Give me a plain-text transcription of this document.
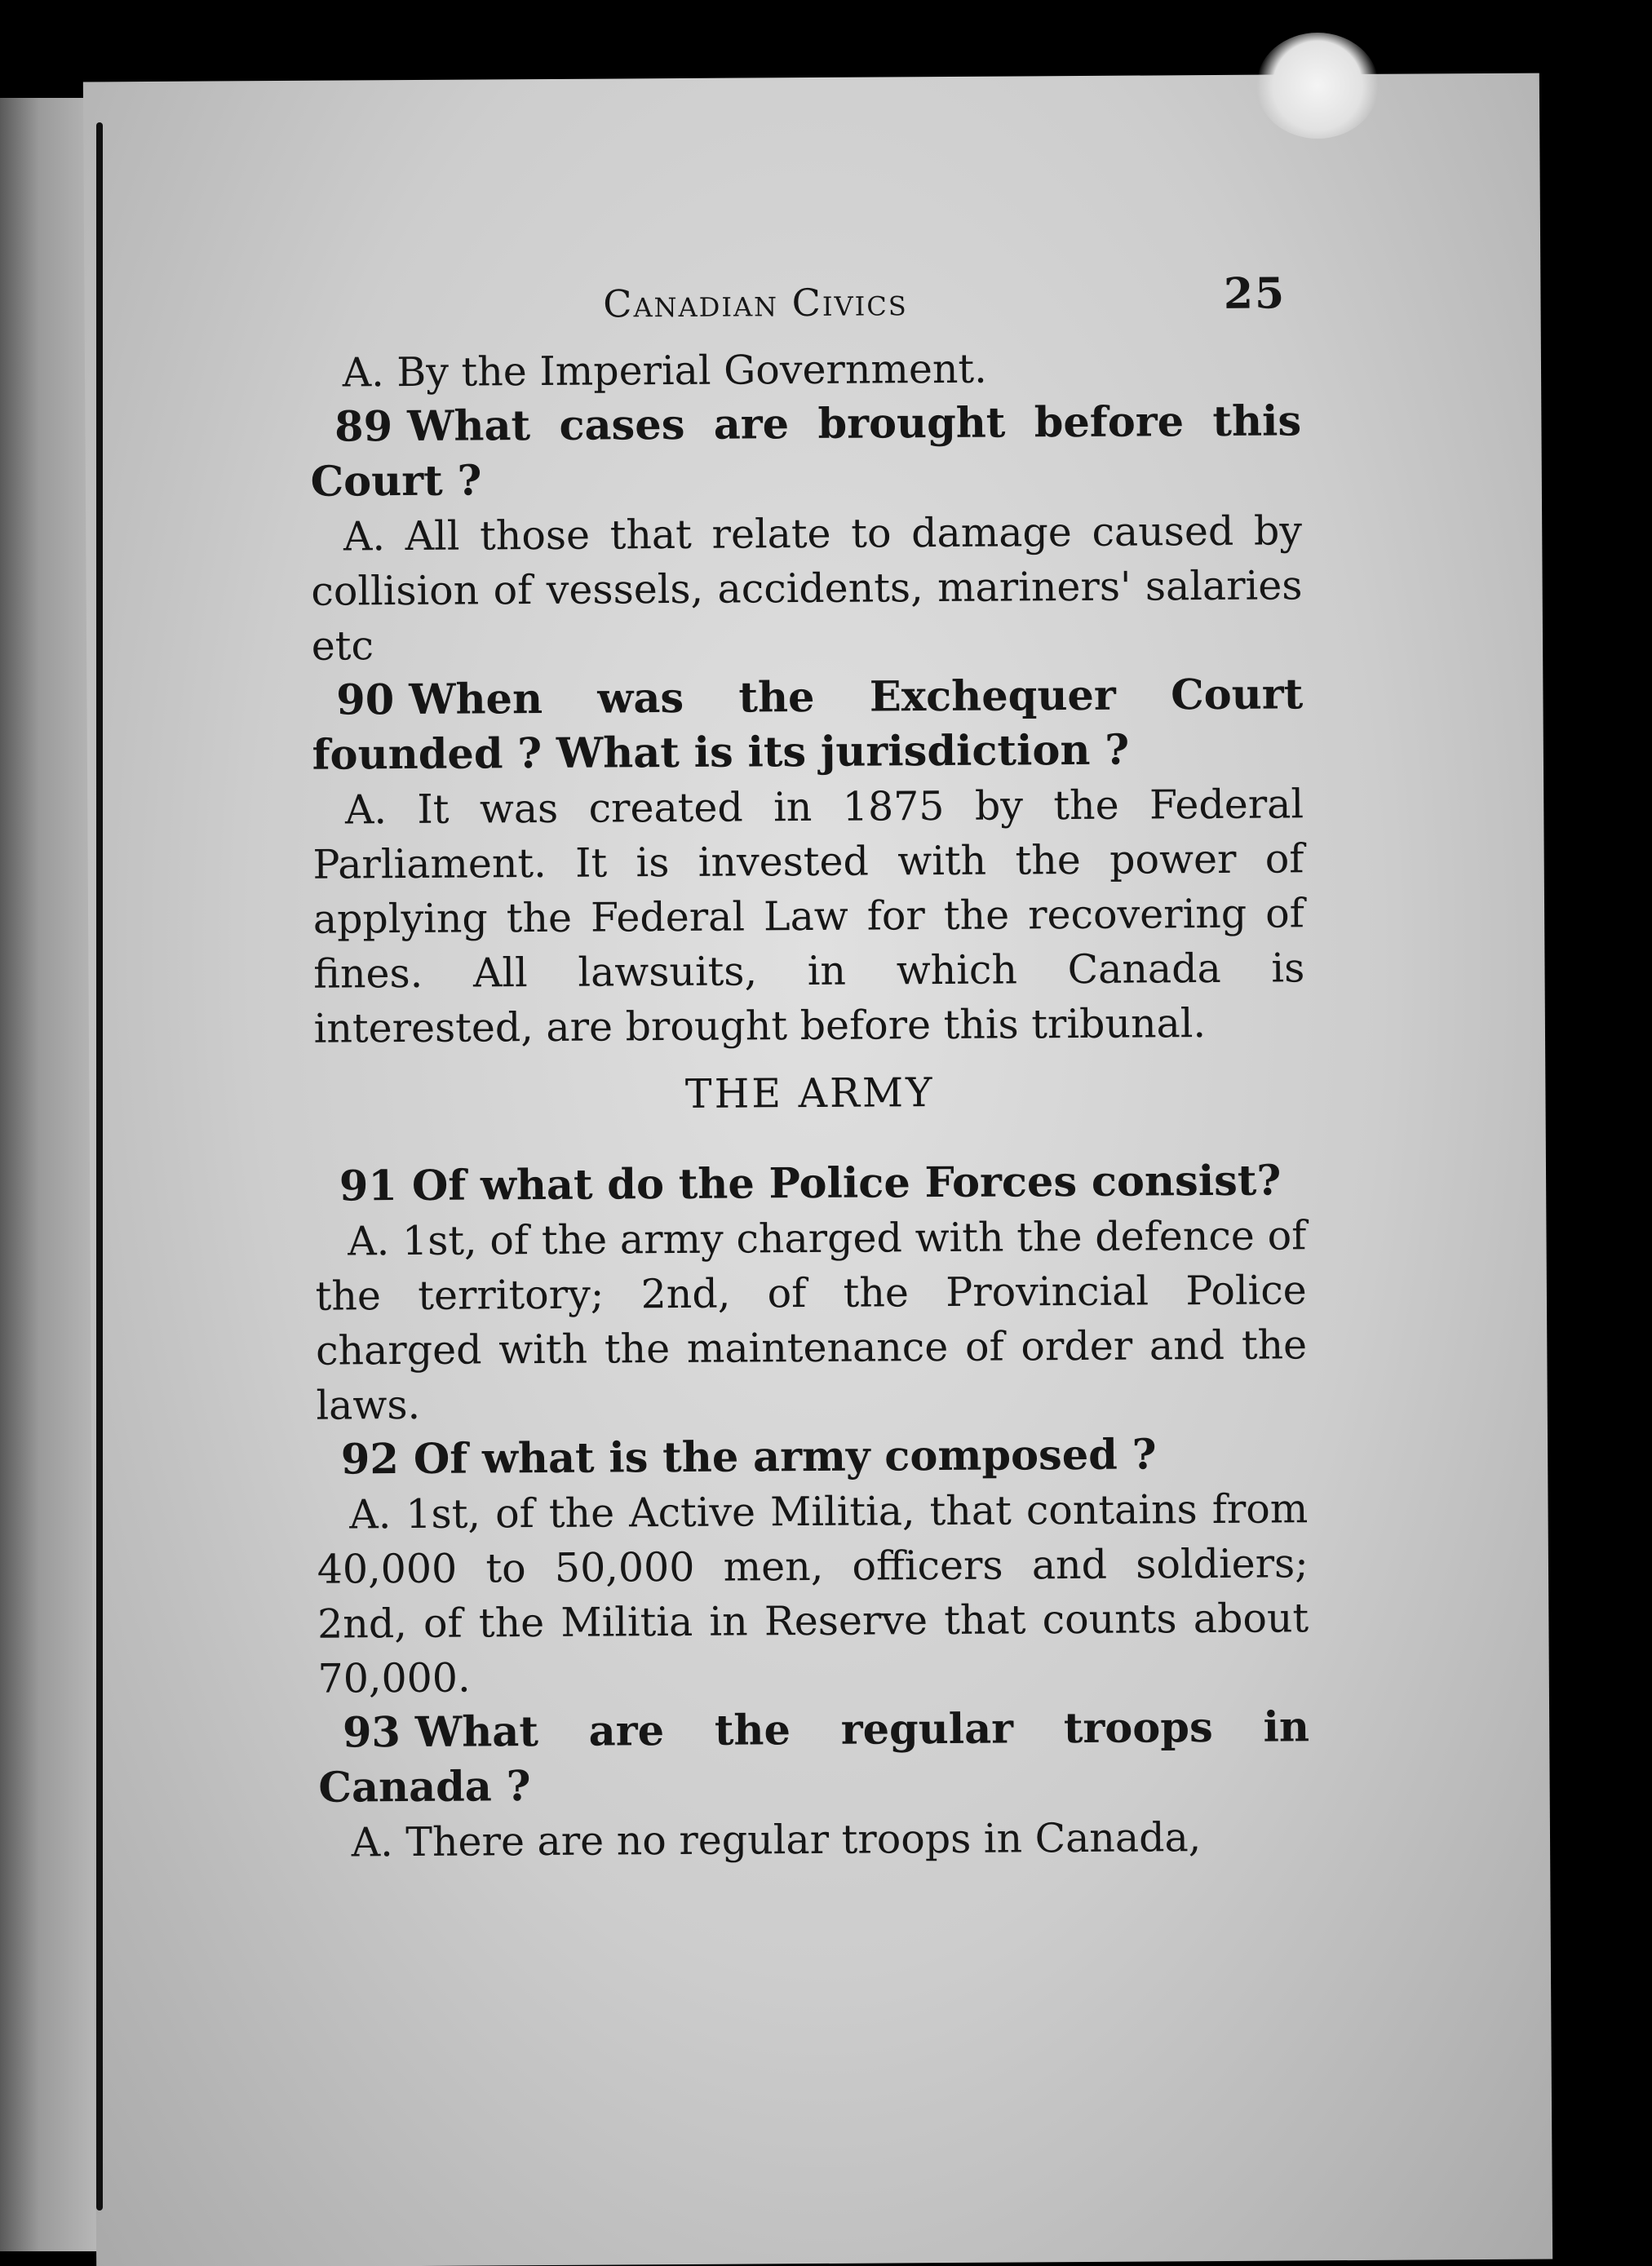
Canadian Civics	25

A. By the Imperial Government.

89 What cases are brought before this Court ?

A. All those that relate to damage caused by collision of vessels, accidents, mariners' salaries etc

90 When was the Exchequer Court founded ? What is its jurisdiction ?

A. It was created in 1875 by the Federal Parliament. It is invested with the power of applying the Federal Law for the recovering of fines. All lawsuits, in which Canada is interested, are brought before this tribunal.

THE ARMY

91 Of what do the Police Forces consist?

A. 1st, of the army charged with the defence of the territory; 2nd, of the Provincial Police charged with the maintenance of order and the laws.

92 Of what is the army composed ?

A. 1st, of the Active Militia, that contains from 40,000 to 50,000 men, officers and soldiers; 2nd, of the Militia in Reserve that counts about 70,000.

93 What are the regular troops in Canada ?

A. There are no regular troops in Canada,
